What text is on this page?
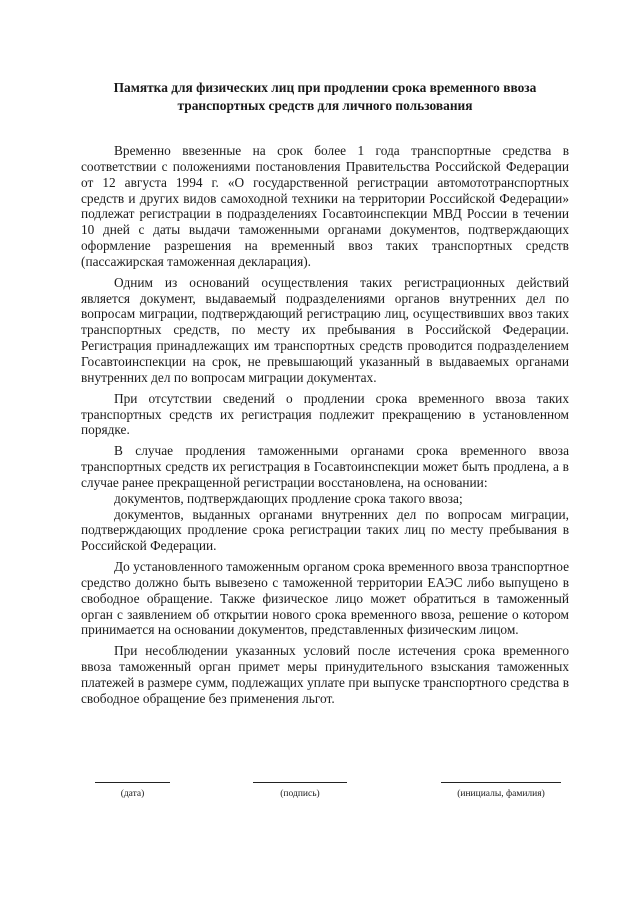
Памятка для физических лиц при продлении срока временного ввоза
транспортных средств для личного пользования

Временно ввезенные на срок более 1 года транспортные средства в соответствии с положениями постановления Правительства Российской Федерации от 12 августа 1994 г. «О государственной регистрации автомототранспортных средств и других видов самоходной техники на территории Российской Федерации» подлежат регистрации в подразделениях Госавтоинспекции МВД России в течении 10 дней с даты выдачи таможенными органами документов, подтверждающих оформление разрешения на временный ввоз таких транспортных средств (пассажирская таможенная декларация).

Одним из оснований осуществления таких регистрационных действий является документ, выдаваемый подразделениями органов внутренних дел по вопросам миграции, подтверждающий регистрацию лиц, осуществивших ввоз таких транспортных средств, по месту их пребывания в Российской Федерации. Регистрация принадлежащих им транспортных средств проводится подразделением Госавтоинспекции на срок, не превышающий указанный в выдаваемых органами внутренних дел по вопросам миграции документах.

При отсутствии сведений о продлении срока временного ввоза таких транспортных средств их регистрация подлежит прекращению в установленном порядке.

В случае продления таможенными органами срока временного ввоза транспортных средств их регистрация в Госавтоинспекции может быть продлена, а в случае ранее прекращенной регистрации восстановлена, на основании:

документов, подтверждающих продление срока такого ввоза;

документов, выданных органами внутренних дел по вопросам миграции, подтверждающих продление срока регистрации таких лиц по месту пребывания в Российской Федерации.

До установленного таможенным органом срока временного ввоза транспортное средство должно быть вывезено с таможенной территории ЕАЭС либо выпущено в свободное обращение. Также физическое лицо может обратиться в таможенный орган с заявлением об открытии нового срока временного ввоза, решение о котором принимается на основании документов, представленных физическим лицом.

При несоблюдении указанных условий после истечения срока временного ввоза таможенный орган примет меры принудительного взыскания таможенных платежей в размере сумм, подлежащих уплате при выпуске транспортного средства в свободное обращение без применения льгот.

(дата)	(подпись)	(инициалы, фамилия)
